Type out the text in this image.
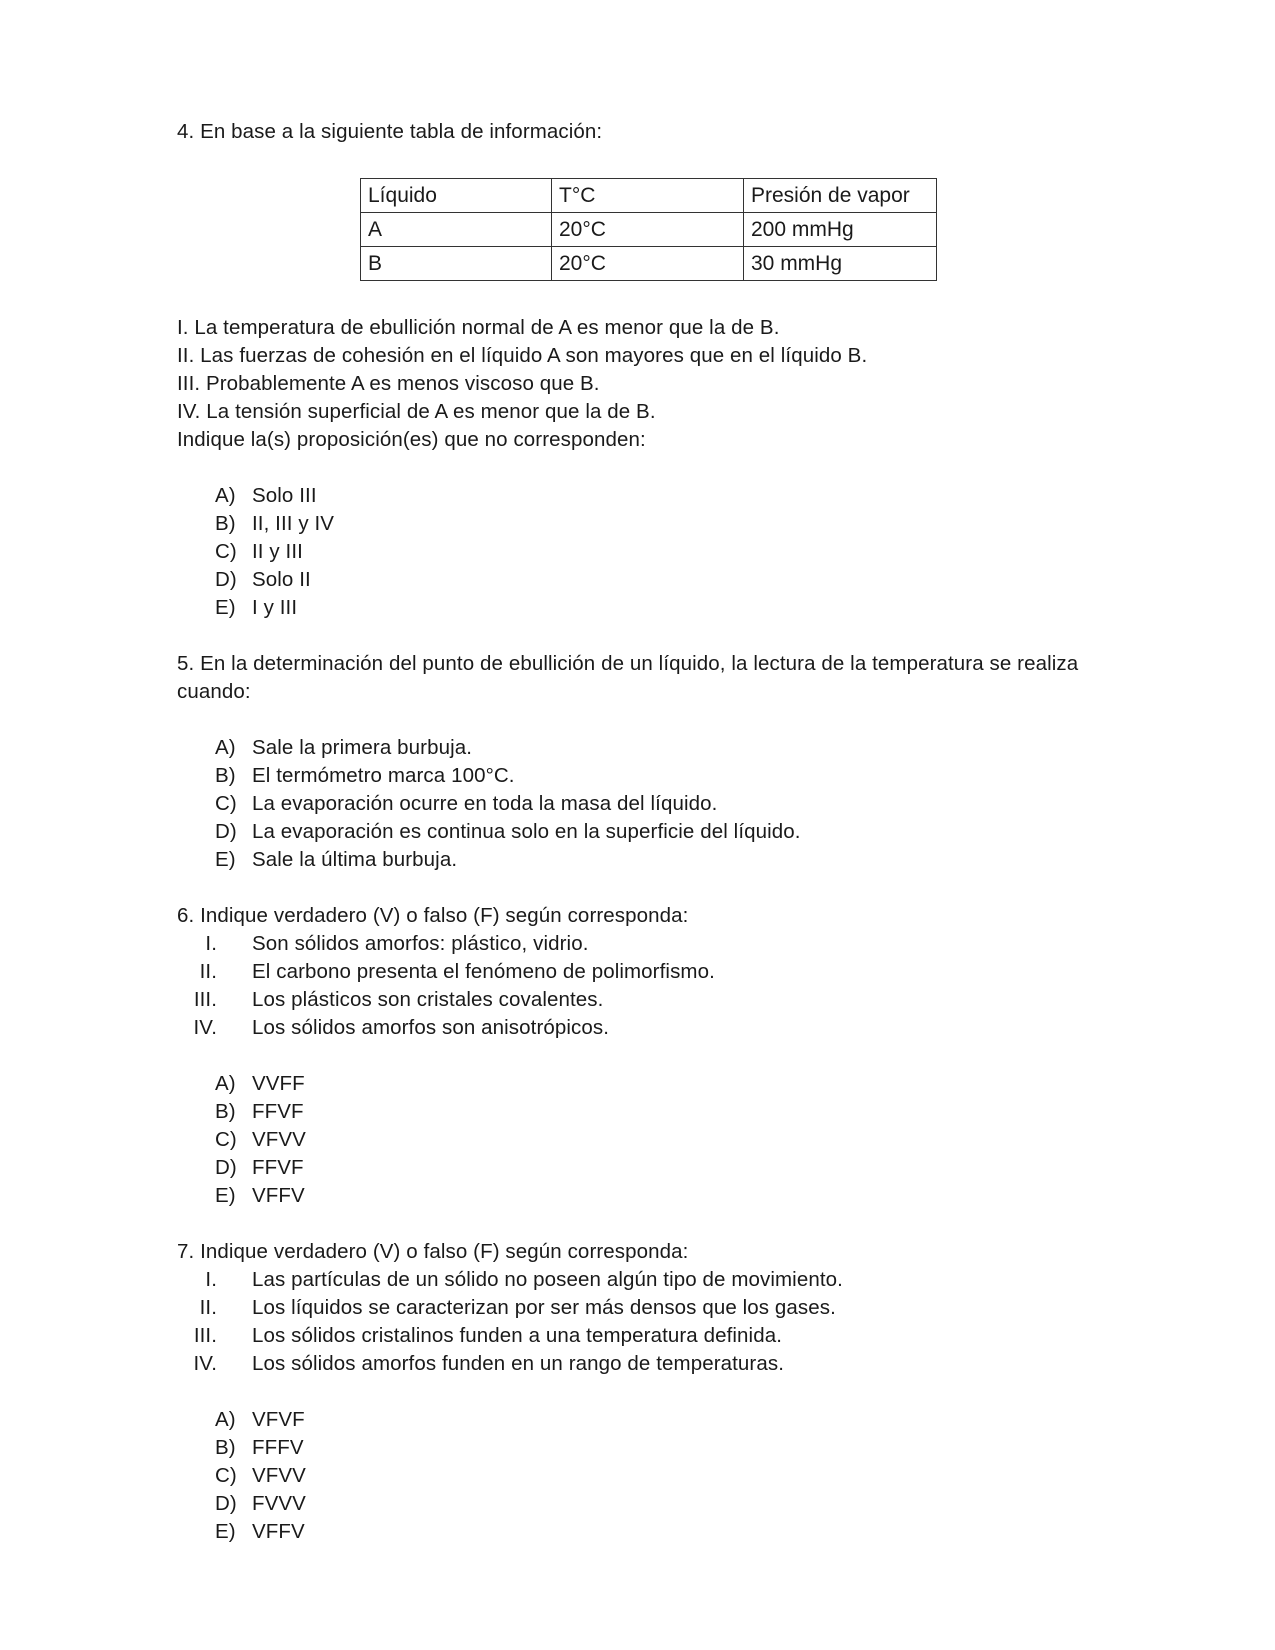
4. En base a la siguiente tabla de información:
Líquido	T°C	Presión de vapor
A	20°C	200 mmHg
B	20°C	30 mmHg
I. La temperatura de ebullición normal de A es menor que la de B.
II. Las fuerzas de cohesión en el líquido A son mayores que en el líquido B.
III. Probablemente A es menos viscoso que B.
IV. La tensión superficial de A es menor que la de B.
Indique la(s) proposición(es) que no corresponden:
A) Solo III
B) II, III y IV
C) II y III
D) Solo II
E) I y III
5. En la determinación del punto de ebullición de un líquido, la lectura de la temperatura se realiza
cuando:
A) Sale la primera burbuja.
B) El termómetro marca 100°C.
C) La evaporación ocurre en toda la masa del líquido.
D) La evaporación es continua solo en la superficie del líquido.
E) Sale la última burbuja.
6. Indique verdadero (V) o falso (F) según corresponda:
I. Son sólidos amorfos: plástico, vidrio.
II. El carbono presenta el fenómeno de polimorfismo.
III. Los plásticos son cristales covalentes.
IV. Los sólidos amorfos son anisotrópicos.
A) VVFF
B) FFVF
C) VFVV
D) FFVF
E) VFFV
7. Indique verdadero (V) o falso (F) según corresponda:
I. Las partículas de un sólido no poseen algún tipo de movimiento.
II. Los líquidos se caracterizan por ser más densos que los gases.
III. Los sólidos cristalinos funden a una temperatura definida.
IV. Los sólidos amorfos funden en un rango de temperaturas.
A) VFVF
B) FFFV
C) VFVV
D) FVVV
E) VFFV
